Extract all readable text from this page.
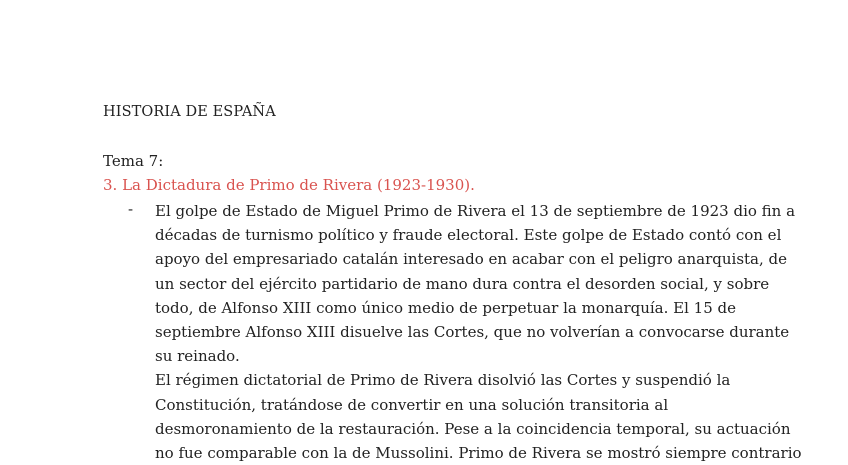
HISTORIA DE ESPAÑA
Tema 7:
3. La Dictadura de Primo de Rivera (1923-1930).
- El golpe de Estado de Miguel Primo de Rivera el 13 de septiembre de 1923 dio fin a
décadas de turnismo político y fraude electoral. Este golpe de Estado contó con el
apoyo del empresariado catalán interesado en acabar con el peligro anarquista, de
un sector del ejército partidario de mano dura contra el desorden social, y sobre
todo, de Alfonso XIII como único medio de perpetuar la monarquía. El 15 de
septiembre Alfonso XIII disuelve las Cortes, que no volverían a convocarse durante
su reinado.
El régimen dictatorial de Primo de Rivera disolvió las Cortes y suspendió la
Constitución, tratándose de convertir en una solución transitoria al
desmoronamiento de la restauración. Pese a la coincidencia temporal, su actuación
no fue comparable con la de Mussolini. Primo de Rivera se mostró siempre contrario
